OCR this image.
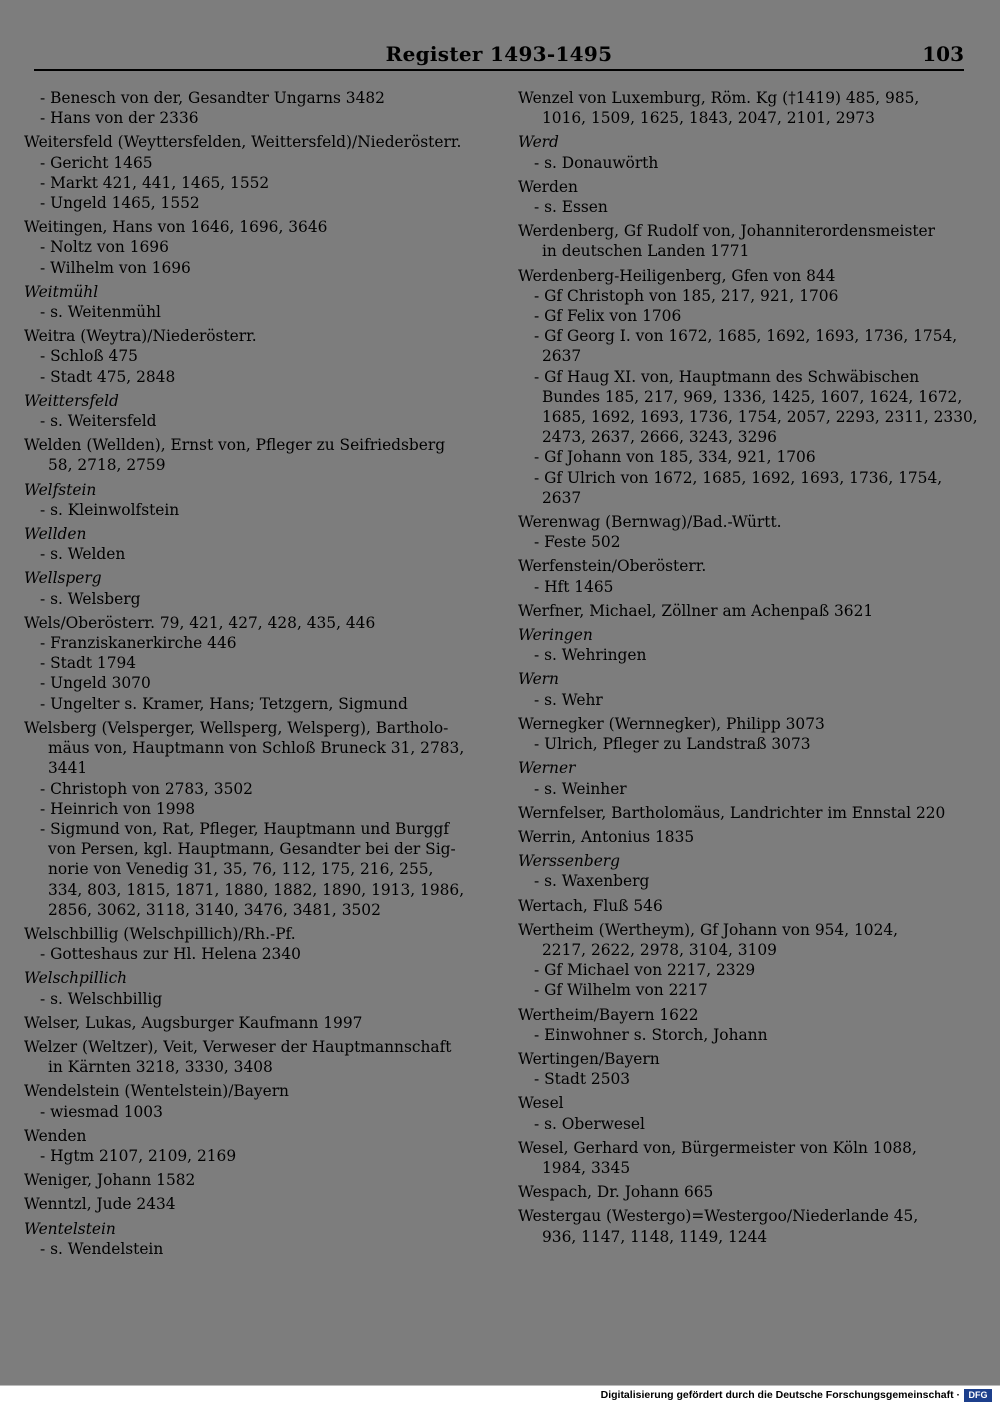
Register 1493-1495	103
- Benesch von der, Gesandter Ungarns 3482
- Hans von der 2336
Weitersfeld (Weyttersfelden, Weittersfeld)/Niederösterr.
- Gericht 1465
- Markt 421, 441, 1465, 1552
- Ungeld 1465, 1552
Weitingen, Hans von 1646, 1696, 3646
- Noltz von 1696
- Wilhelm von 1696
Weitmühl
- s. Weitenmühl
Weitra (Weytra)/Niederösterr.
- Schloß 475
- Stadt 475, 2848
Weittersfeld
- s. Weitersfeld
Welden (Wellden), Ernst von, Pfleger zu Seifriedsberg
58, 2718, 2759
Welfstein
- s. Kleinwolfstein
Wellden
- s. Welden
Wellsperg
- s. Welsberg
Wels/Oberösterr. 79, 421, 427, 428, 435, 446
- Franziskanerkirche 446
- Stadt 1794
- Ungeld 3070
- Ungelter s. Kramer, Hans; Tetzgern, Sigmund
Welsberg (Velsperger, Wellsperg, Welsperg), Bartholo-
mäus von, Hauptmann von Schloß Bruneck 31, 2783,
3441
- Christoph von 2783, 3502
- Heinrich von 1998
- Sigmund von, Rat, Pfleger, Hauptmann und Burggf
von Persen, kgl. Hauptmann, Gesandter bei der Sig-
norie von Venedig 31, 35, 76, 112, 175, 216, 255,
334, 803, 1815, 1871, 1880, 1882, 1890, 1913, 1986,
2856, 3062, 3118, 3140, 3476, 3481, 3502
Welschbillig (Welschpillich)/Rh.-Pf.
- Gotteshaus zur Hl. Helena 2340
Welschpillich
- s. Welschbillig
Welser, Lukas, Augsburger Kaufmann 1997
Welzer (Weltzer), Veit, Verweser der Hauptmannschaft
in Kärnten 3218, 3330, 3408
Wendelstein (Wentelstein)/Bayern
- wiesmad 1003
Wenden
- Hgtm 2107, 2109, 2169
Weniger, Johann 1582
Wenntzl, Jude 2434
Wentelstein
- s. Wendelstein
Wenzel von Luxemburg, Röm. Kg (†1419) 485, 985,
1016, 1509, 1625, 1843, 2047, 2101, 2973
Werd
- s. Donauwörth
Werden
- s. Essen
Werdenberg, Gf Rudolf von, Johanniterordensmeister
in deutschen Landen 1771
Werdenberg-Heiligenberg, Gfen von 844
- Gf Christoph von 185, 217, 921, 1706
- Gf Felix von 1706
- Gf Georg I. von 1672, 1685, 1692, 1693, 1736, 1754,
2637
- Gf Haug XI. von, Hauptmann des Schwäbischen
Bundes 185, 217, 969, 1336, 1425, 1607, 1624, 1672,
1685, 1692, 1693, 1736, 1754, 2057, 2293, 2311, 2330,
2473, 2637, 2666, 3243, 3296
- Gf Johann von 185, 334, 921, 1706
- Gf Ulrich von 1672, 1685, 1692, 1693, 1736, 1754,
2637
Werenwag (Bernwag)/Bad.-Württ.
- Feste 502
Werfenstein/Oberösterr.
- Hft 1465
Werfner, Michael, Zöllner am Achenpaß 3621
Weringen
- s. Wehringen
Wern
- s. Wehr
Wernegker (Wernnegker), Philipp 3073
- Ulrich, Pfleger zu Landstraß 3073
Werner
- s. Weinher
Wernfelser, Bartholomäus, Landrichter im Ennstal 220
Werrin, Antonius 1835
Werssenberg
- s. Waxenberg
Wertach, Fluß 546
Wertheim (Wertheym), Gf Johann von 954, 1024,
2217, 2622, 2978, 3104, 3109
- Gf Michael von 2217, 2329
- Gf Wilhelm von 2217
Wertheim/Bayern 1622
- Einwohner s. Storch, Johann
Wertingen/Bayern
- Stadt 2503
Wesel
- s. Oberwesel
Wesel, Gerhard von, Bürgermeister von Köln 1088,
1984, 3345
Wespach, Dr. Johann 665
Westergau (Westergo)=Westergoo/Niederlande 45,
936, 1147, 1148, 1149, 1244
Digitalisierung gefördert durch die Deutsche Forschungsgemeinschaft · DFG
